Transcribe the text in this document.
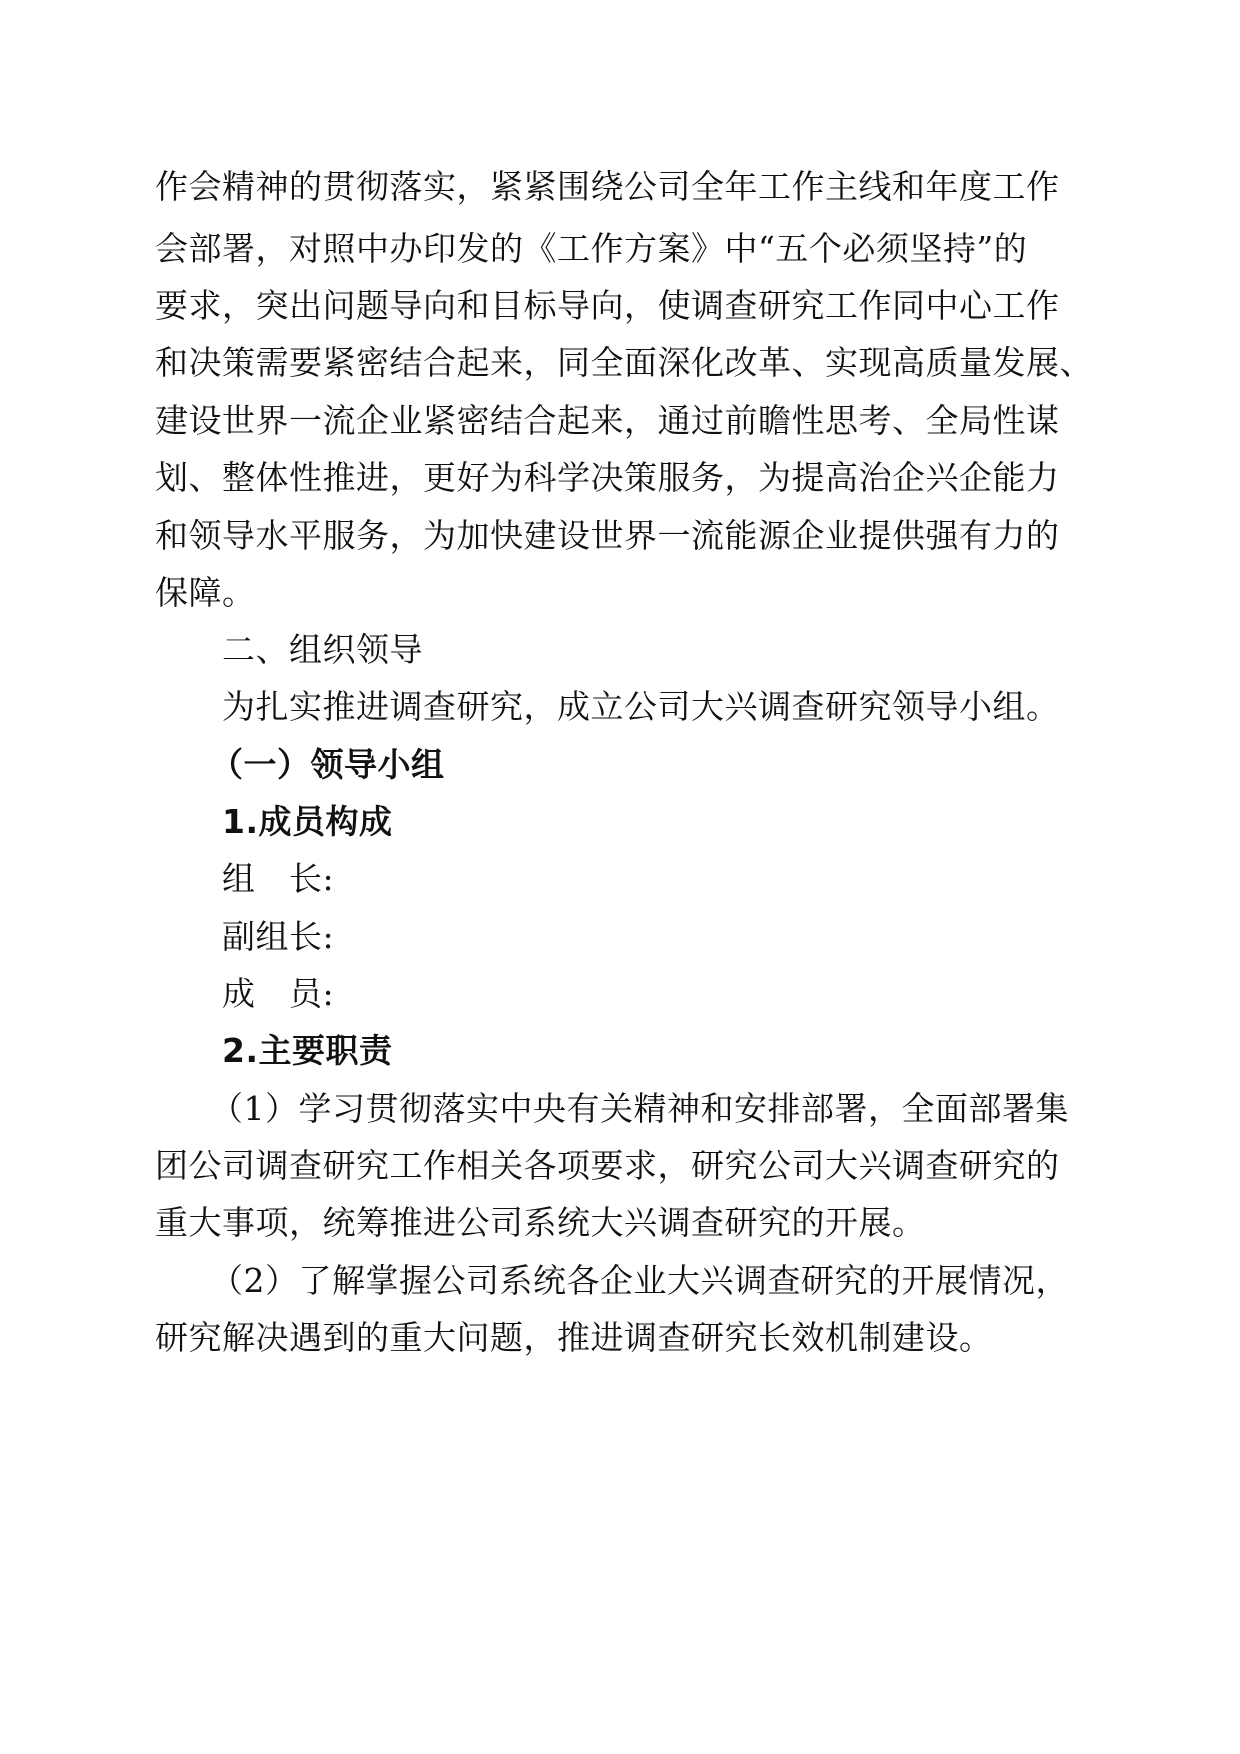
作会精神的贯彻落实，紧紧围绕公司全年工作主线和年度工作
会部署，对照中办印发的《工作方案》中“五个必须坚持”的
要求，突出问题导向和目标导向，使调查研究工作同中心工作
和决策需要紧密结合起来，同全面深化改革、实现高质量发展、
建设世界一流企业紧密结合起来，通过前瞻性思考、全局性谋
划、整体性推进，更好为科学决策服务，为提高治企兴企能力
和领导水平服务，为加快建设世界一流能源企业提供强有力的
保障。
二、组织领导
为扎实推进调查研究，成立公司大兴调查研究领导小组。
（一）领导小组
1.成员构成
组　长:
副组长:
成　员:
2.主要职责
（1）学习贯彻落实中央有关精神和安排部署，全面部署集
团公司调查研究工作相关各项要求，研究公司大兴调查研究的
重大事项，统筹推进公司系统大兴调查研究的开展。
（2）了解掌握公司系统各企业大兴调查研究的开展情况，
研究解决遇到的重大问题，推进调查研究长效机制建设。
